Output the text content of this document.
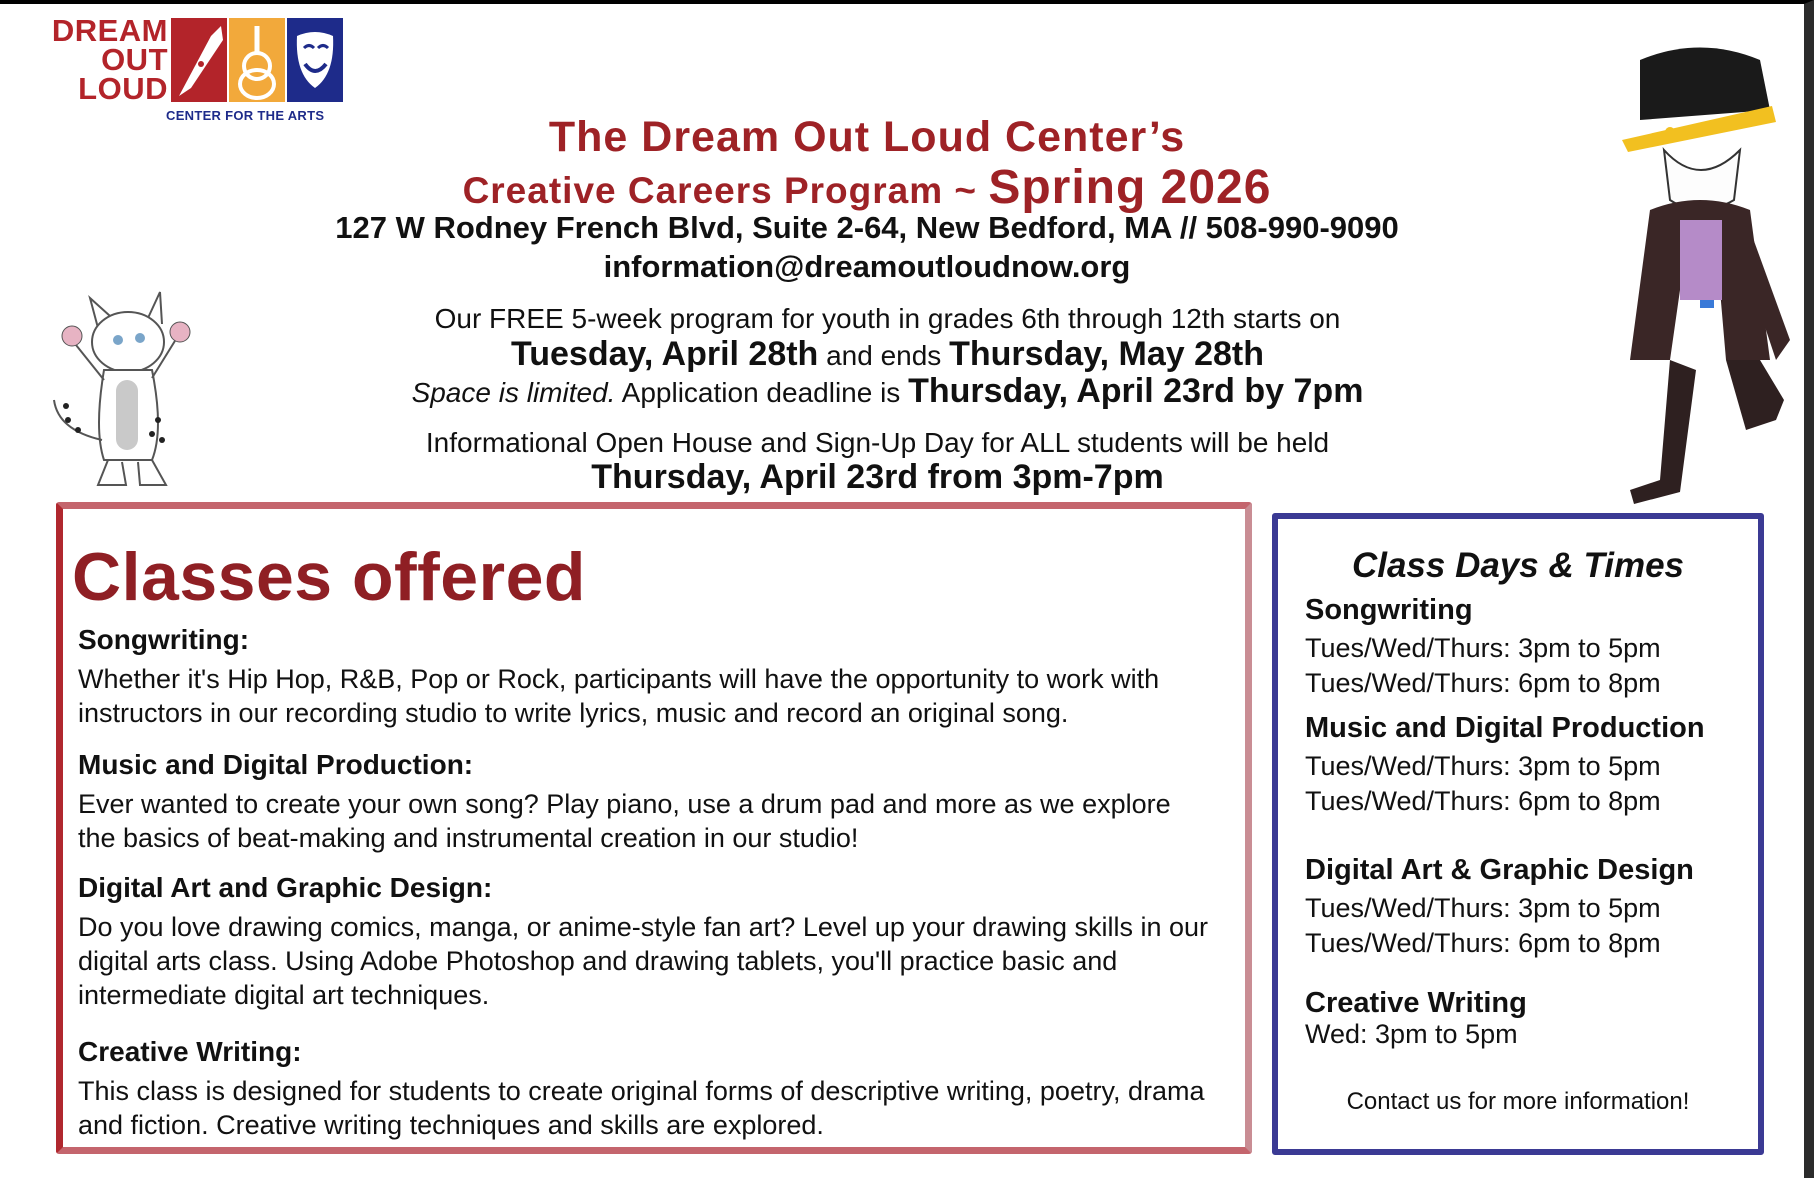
DREAM
OUT
LOUD
CENTER FOR THE ARTS	The Dream Out Loud Center’s
Creative Careers Program ~ Spring 2026
127 W Rodney French Blvd, Suite 2-64, New Bedford, MA // 508-990-9090
information@dreamoutloudnow.org
Our FREE 5-week program for youth in grades 6th through 12th starts on
Tuesday, April 28th and ends Thursday, May 28th
Space is limited. Application deadline is Thursday, April 23rd by 7pm
Informational Open House and Sign-Up Day for ALL students will be held
Thursday, April 23rd from 3pm-7pm
Classes offered

Songwriting:

Whether it's Hip Hop, R&B, Pop or Rock, participants will have the opportunity to work with instructors in our recording studio to write lyrics, music and record an original song.

Music and Digital Production:

Ever wanted to create your own song? Play piano, use a drum pad and more as we explore the basics of beat-making and instrumental creation in our studio!

Digital Art and Graphic Design:

Do you love drawing comics, manga, or anime-style fan art? Level up your drawing skills in our digital arts class. Using Adobe Photoshop and drawing tablets, you'll practice basic and intermediate digital art techniques.

Creative Writing:

This class is designed for students to create original forms of descriptive writing, poetry, drama and fiction. Creative writing techniques and skills are explored.

Class Days & Times
Songwriting
Tues/Wed/Thurs: 3pm to 5pm
Tues/Wed/Thurs: 6pm to 8pm
Music and Digital Production
Tues/Wed/Thurs: 3pm to 5pm
Tues/Wed/Thurs: 6pm to 8pm
Digital Art & Graphic Design
Tues/Wed/Thurs: 3pm to 5pm
Tues/Wed/Thurs: 6pm to 8pm
Creative Writing
Wed: 3pm to 5pm
Contact us for more information!
